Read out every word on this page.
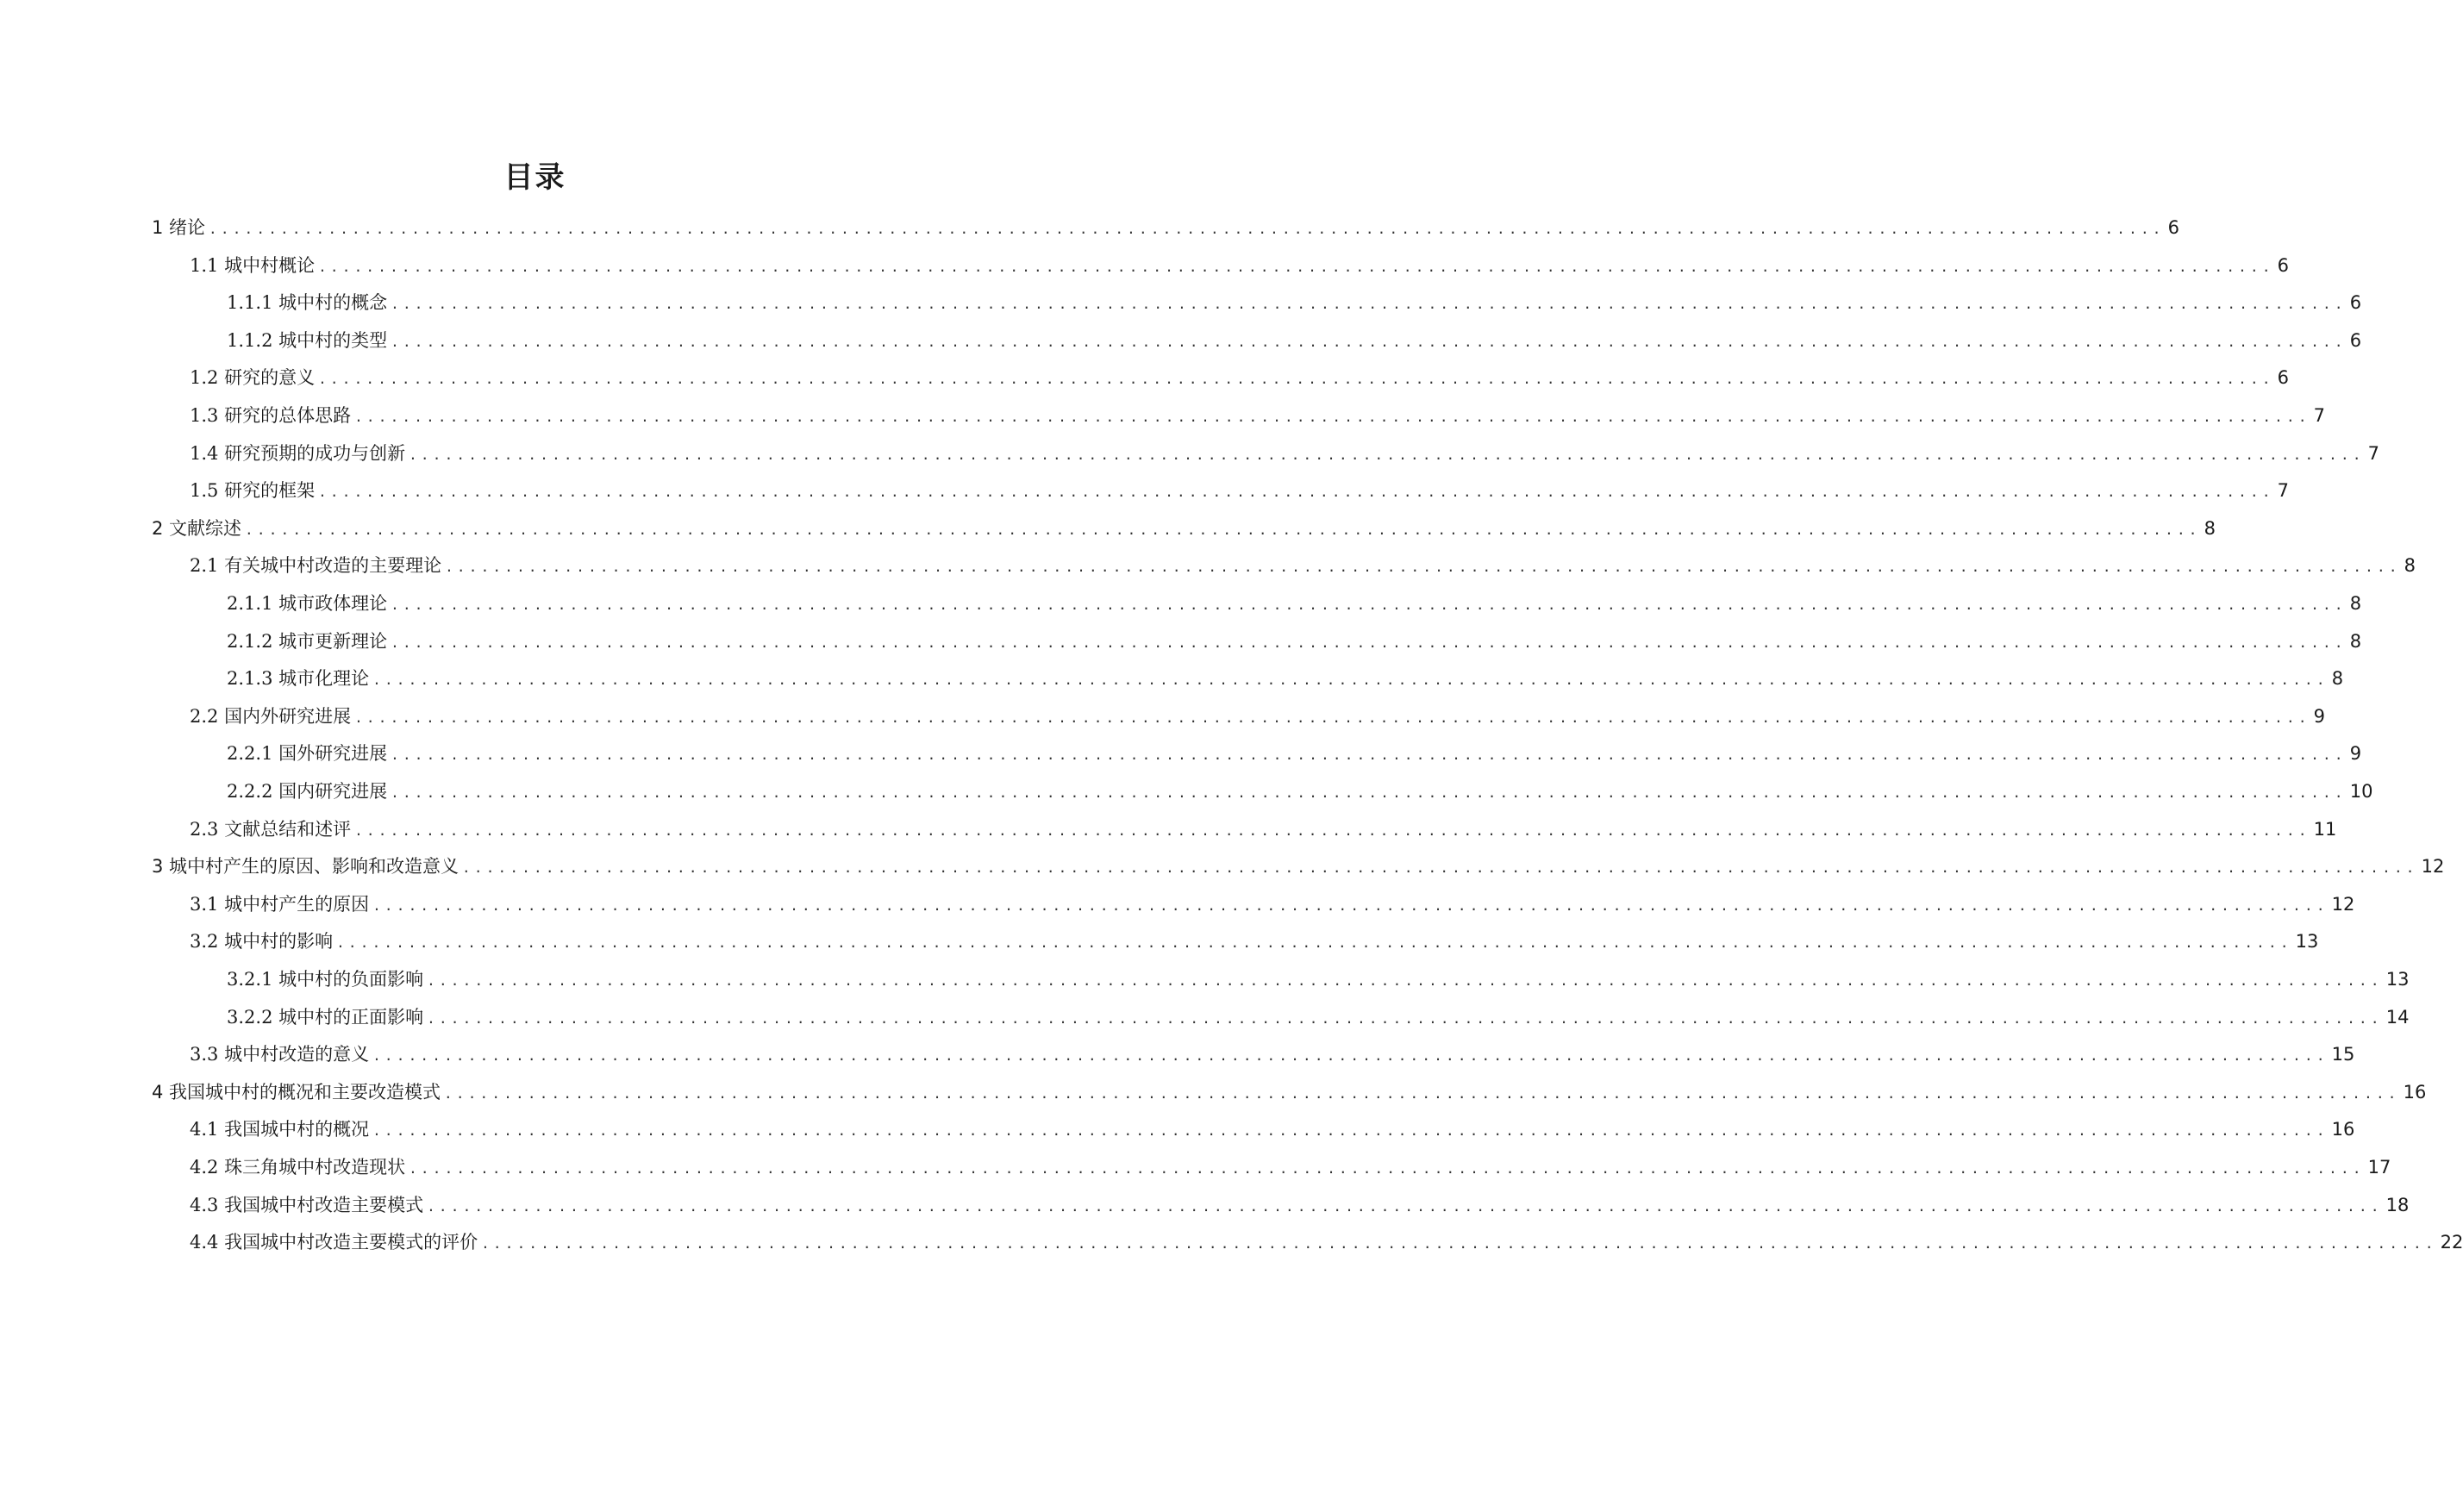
目录
1 绪论 .................................................................................................................................................................... 6
1.1 城中村概论 .................................................................................................................................................................... 6
1.1.1 城中村的概念 .................................................................................................................................................................... 6
1.1.2 城中村的类型 .................................................................................................................................................................... 6
1.2 研究的意义 .................................................................................................................................................................... 6
1.3 研究的总体思路 .................................................................................................................................................................... 7
1.4 研究预期的成功与创新 .................................................................................................................................................................... 7
1.5 研究的框架 .................................................................................................................................................................... 7
2 文献综述 .................................................................................................................................................................... 8
2.1 有关城中村改造的主要理论 .................................................................................................................................................................... 8
2.1.1 城市政体理论 .................................................................................................................................................................... 8
2.1.2 城市更新理论 .................................................................................................................................................................... 8
2.1.3 城市化理论 .................................................................................................................................................................... 8
2.2 国内外研究进展 .................................................................................................................................................................... 9
2.2.1 国外研究进展 .................................................................................................................................................................... 9
2.2.2 国内研究进展 .................................................................................................................................................................... 10
2.3 文献总结和述评 .................................................................................................................................................................... 11
3 城中村产生的原因、影响和改造意义 .................................................................................................................................................................... 12
3.1 城中村产生的原因 .................................................................................................................................................................... 12
3.2 城中村的影响 .................................................................................................................................................................... 13
3.2.1 城中村的负面影响 .................................................................................................................................................................... 13
3.2.2 城中村的正面影响 .................................................................................................................................................................... 14
3.3 城中村改造的意义 .................................................................................................................................................................... 15
4 我国城中村的概况和主要改造模式 .................................................................................................................................................................... 16
4.1 我国城中村的概况 .................................................................................................................................................................... 16
4.2 珠三角城中村改造现状 .................................................................................................................................................................... 17
4.3 我国城中村改造主要模式 .................................................................................................................................................................... 18
4.4 我国城中村改造主要模式的评价 .................................................................................................................................................................... 22
